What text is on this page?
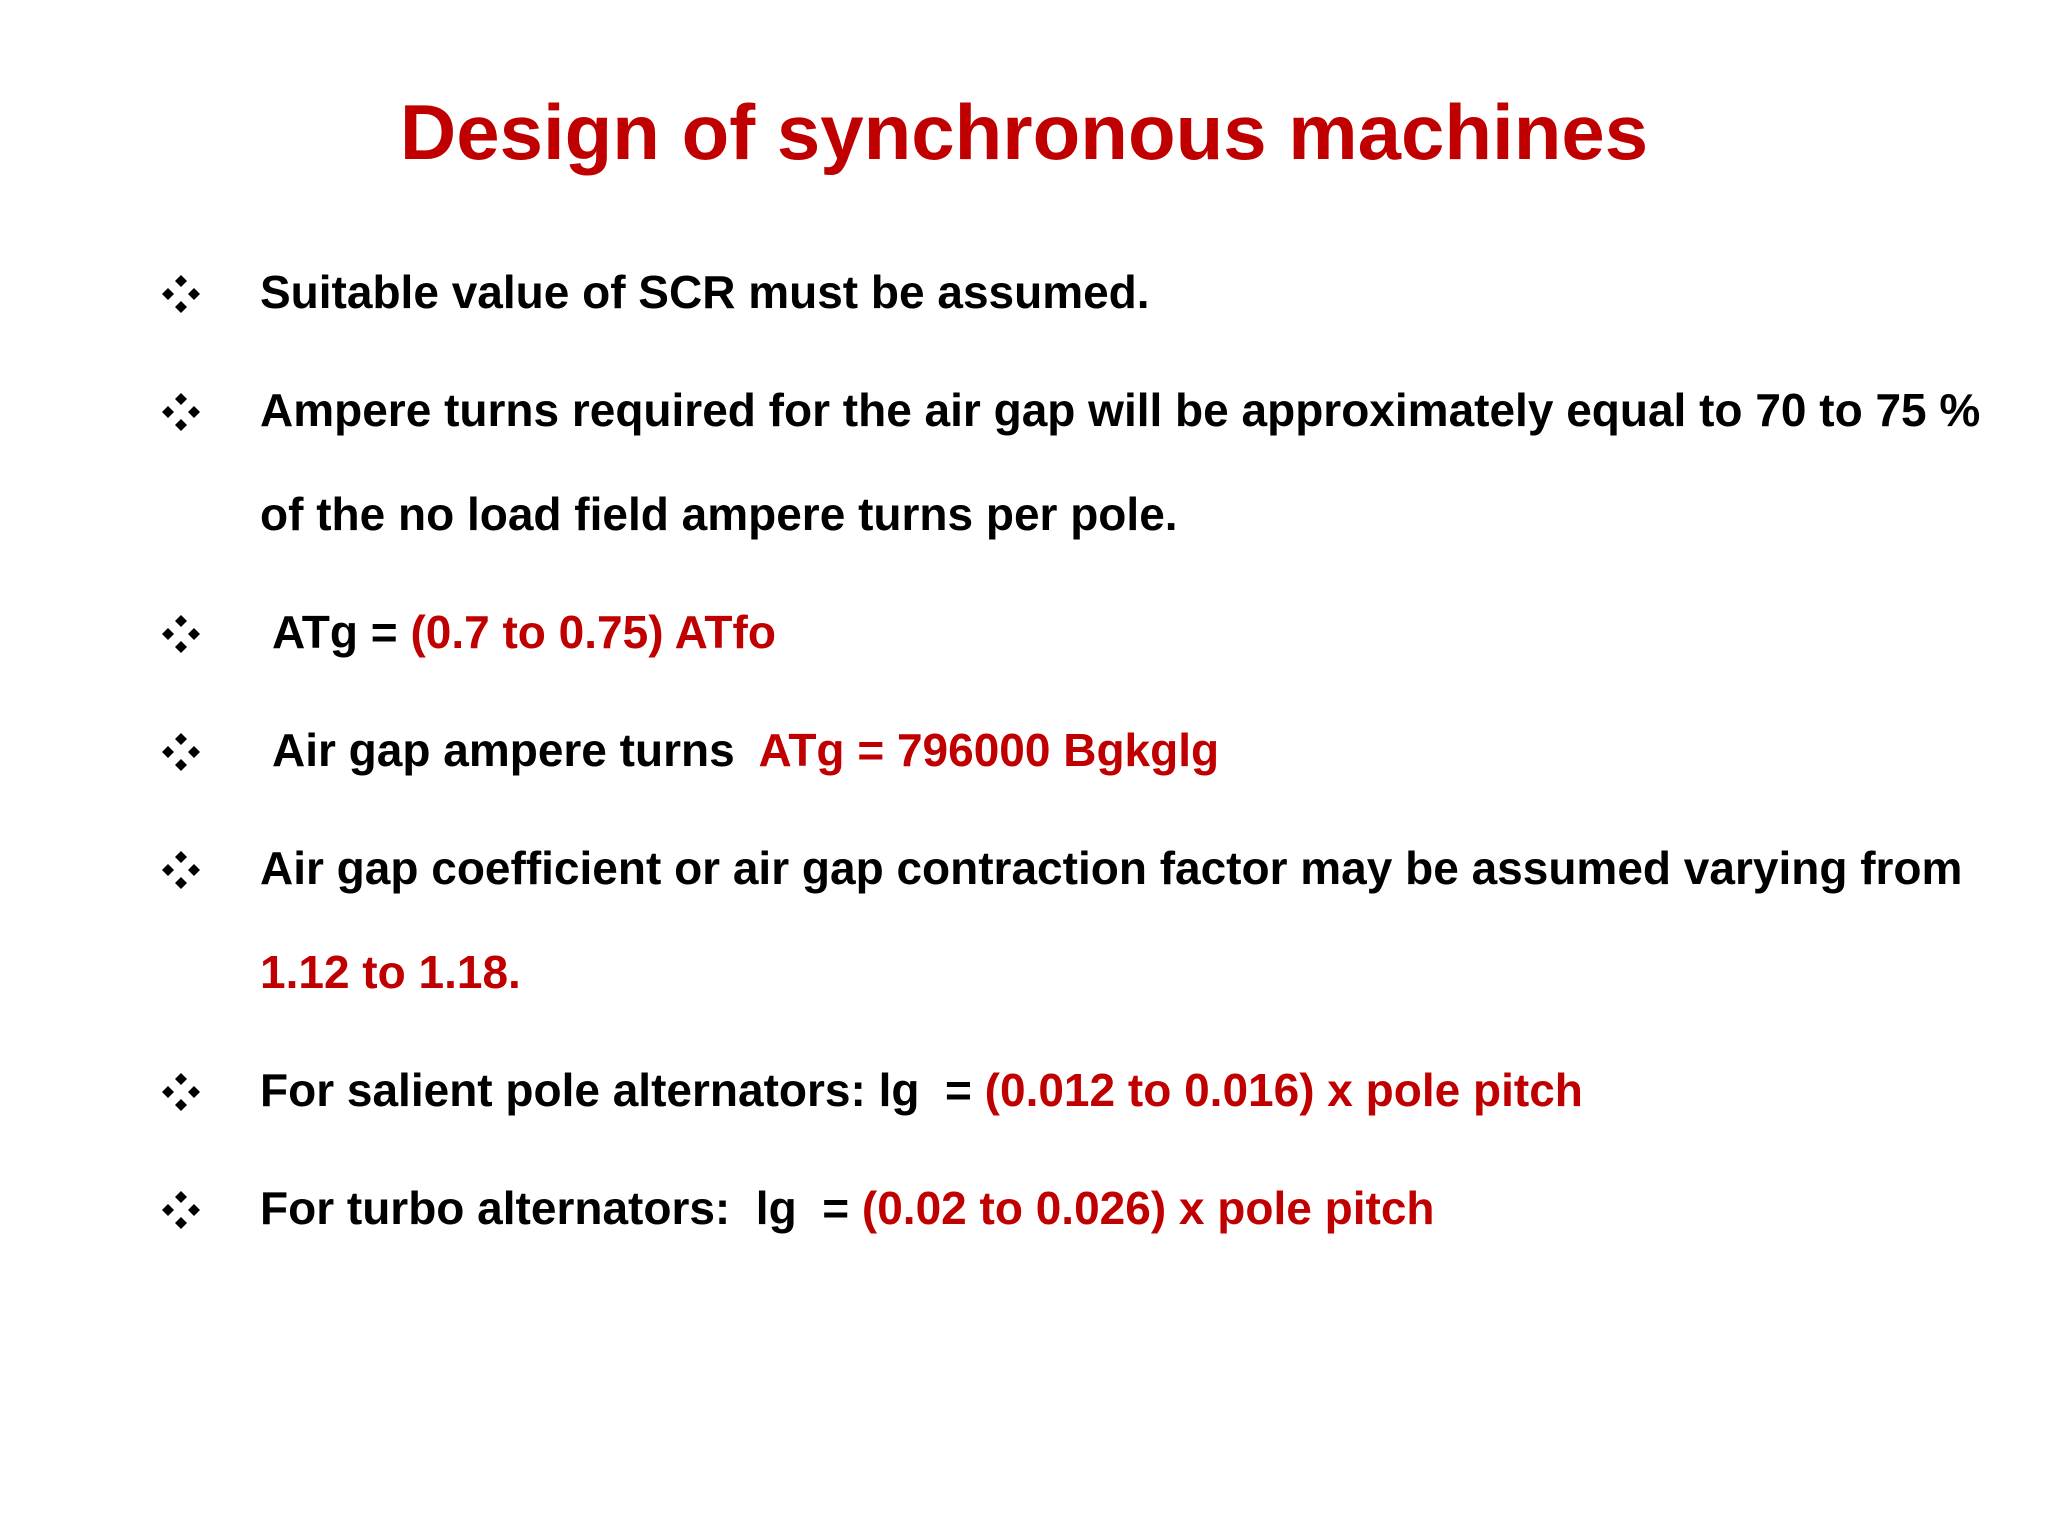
Design of synchronous machines
Suitable value of SCR must be assumed.
Ampere turns required for the air gap will be approximately equal to 70 to 75 % of the no load field ampere turns per pole.
ATg = (0.7 to 0.75) ATfo
Air gap ampere turns  ATg = 796000 Bgkglg
Air gap coefficient or air gap contraction factor may be assumed varying from 1.12 to 1.18.
For salient pole alternators: lg  = (0.012 to 0.016) x pole pitch
For turbo alternators:  lg  = (0.02 to 0.026) x pole pitch
